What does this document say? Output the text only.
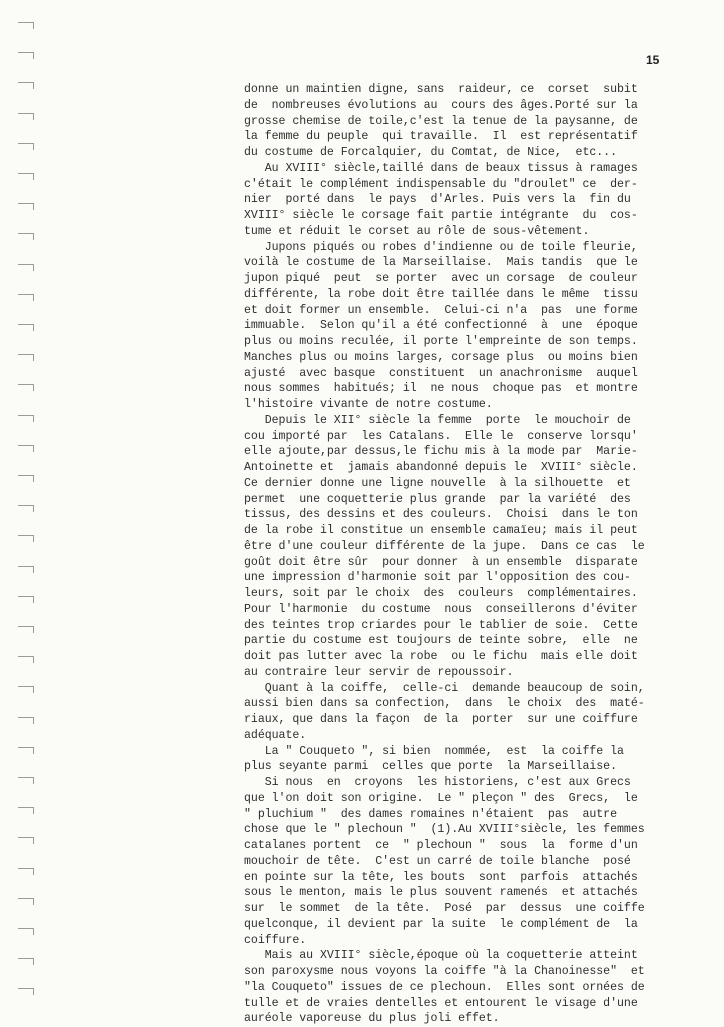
15
donne un maintien digne, sans  raideur, ce  corset  subit
de  nombreuses évolutions au  cours des âges.Porté sur la
grosse chemise de toile,c'est la tenue de la paysanne, de
la femme du peuple  qui travaille.  Il  est représentatif
du costume de Forcalquier, du Comtat, de Nice,  etc...
Au XVIII° siècle,taillé dans de beaux tissus à ramages
c'était le complément indispensable du "droulet" ce  der-
nier  porté dans  le pays  d'Arles. Puis vers la  fin du
XVIII° siècle le corsage fait partie intégrante  du  cos-
tume et réduit le corset au rôle de sous-vêtement.
Jupons piqués ou robes d'indienne ou de toile fleurie,
voilà le costume de la Marseillaise.  Mais tandis  que le
jupon piqué  peut  se porter  avec un corsage  de couleur
différente, la robe doit être taillée dans le même  tissu
et doit former un ensemble.  Celui-ci n'a  pas  une forme
immuable.  Selon qu'il a été confectionné  à  une  époque
plus ou moins reculée, il porte l'empreinte de son temps.
Manches plus ou moins larges, corsage plus  ou moins bien
ajusté  avec basque  constituent  un anachronisme  auquel
nous sommes  habitués; il  ne nous  choque pas  et montre
l'histoire vivante de notre costume.
Depuis le XII° siècle la femme  porte  le mouchoir de
cou importé par  les Catalans.  Elle le  conserve lorsqu'
elle ajoute,par dessus,le fichu mis à la mode par  Marie-
Antoinette et  jamais abandonné depuis le  XVIII° siècle.
Ce dernier donne une ligne nouvelle  à la silhouette  et
permet  une coquetterie plus grande  par la variété  des
tissus, des dessins et des couleurs.  Choisi  dans le ton
de la robe il constitue un ensemble camaïeu; mais il peut
être d'une couleur différente de la jupe.  Dans ce cas  le
goût doit être sûr  pour donner  à un ensemble  disparate
une impression d'harmonie soit par l'opposition des cou-
leurs, soit par le choix  des  couleurs  complémentaires.
Pour l'harmonie  du costume  nous  conseillerons d'éviter
des teintes trop criardes pour le tablier de soie.  Cette
partie du costume est toujours de teinte sobre,  elle  ne
doit pas lutter avec la robe  ou le fichu  mais elle doit
au contraire leur servir de repoussoir.
Quant à la coiffe,  celle-ci  demande beaucoup de soin,
aussi bien dans sa confection,  dans  le choix  des  maté-
riaux, que dans la façon  de la  porter  sur une coiffure
adéquate.
La " Couqueto ", si bien  nommée,  est  la coiffe la
plus seyante parmi  celles que porte  la Marseillaise.
Si nous  en  croyons  les historiens, c'est aux Grecs
que l'on doit son origine.  Le " pleçon " des  Grecs,  le
" pluchium "  des dames romaines n'étaient  pas  autre
chose que le " plechoun "  (1).Au XVIII°siècle, les femmes
catalanes portent  ce  " plechoun "  sous  la  forme d'un
mouchoir de tête.  C'est un carré de toile blanche  posé
en pointe sur la tête, les bouts  sont  parfois  attachés
sous le menton, mais le plus souvent ramenés  et attachés
sur  le sommet  de la tête.  Posé  par  dessus  une coiffe
quelconque, il devient par la suite  le complément de  la
coiffure.
Mais au XVIII° siècle,époque où la coquetterie atteint
son paroxysme nous voyons la coiffe "à la Chanoinesse"  et
"la Couqueto" issues de ce plechoun.  Elles sont ornées de
tulle et de vraies dentelles et entourent le visage d'une
auréole vaporeuse du plus joli effet.
